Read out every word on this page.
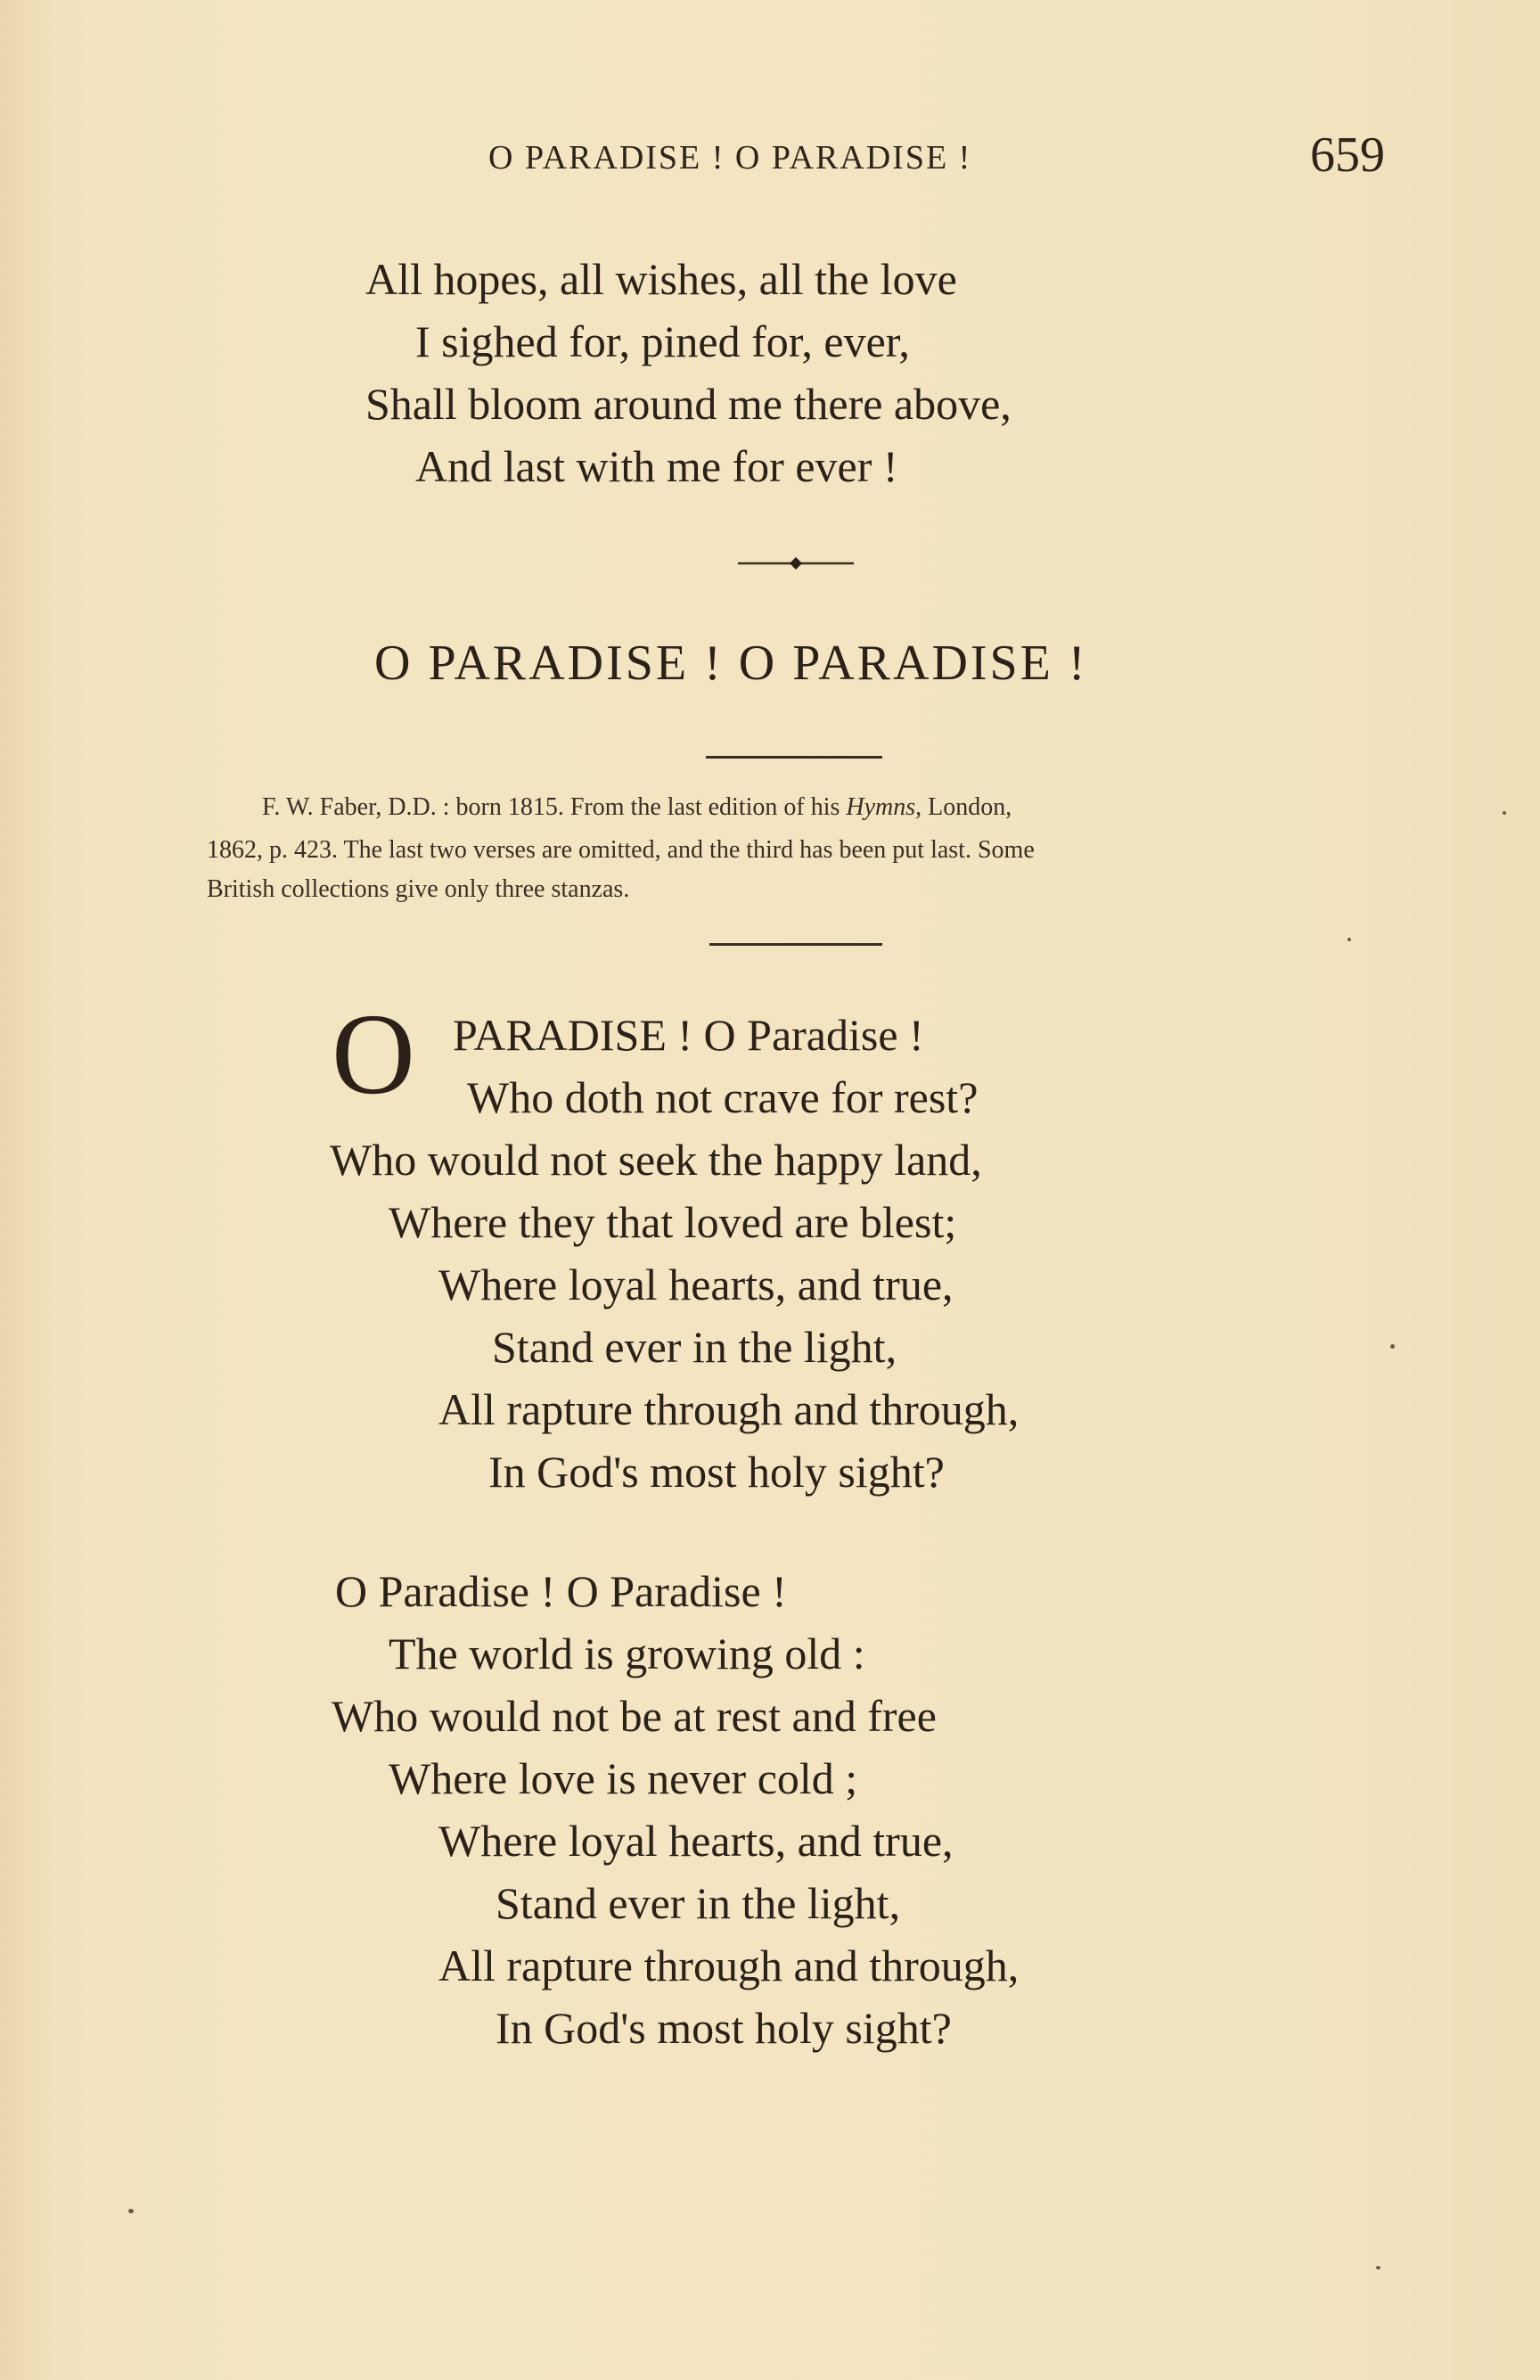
O PARADISE ! O PARADISE !	659
All hopes, all wishes, all the love
I sighed for, pined for, ever,
Shall bloom around me there above,
And last with me for ever !
O PARADISE ! O PARADISE !
F. W. Faber, D.D. : born 1815. From the last edition of his Hymns, London,
1862, p. 423. The last two verses are omitted, and the third has been put last. Some
British collections give only three stanzas.
O PARADISE ! O Paradise !
Who doth not crave for rest?
Who would not seek the happy land,
Where they that loved are blest;
Where loyal hearts, and true,
Stand ever in the light,
All rapture through and through,
In God's most holy sight?
O Paradise ! O Paradise !
The world is growing old :
Who would not be at rest and free
Where love is never cold ;
Where loyal hearts, and true,
Stand ever in the light,
All rapture through and through,
In God's most holy sight?
